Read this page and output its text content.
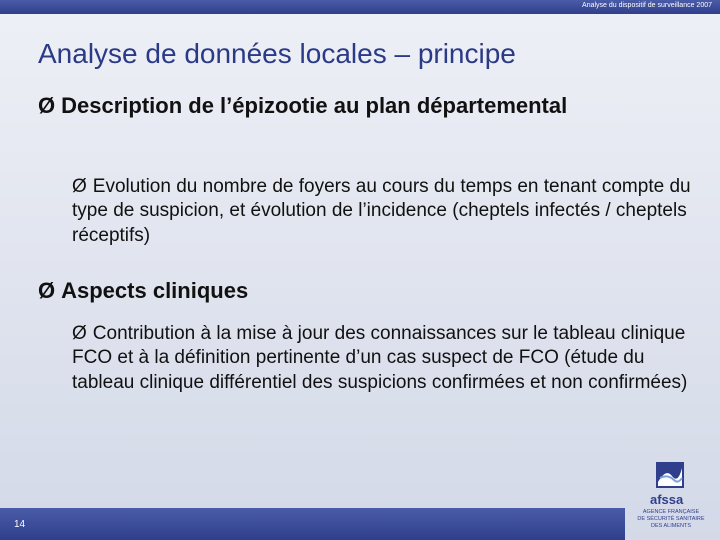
Analyse du dispositif de surveillance 2007
Analyse de données locales – principe
Ø Description de l’épizootie au plan départemental
Ø Evolution du nombre de foyers au cours du temps en tenant compte du type de suspicion, et évolution de l’incidence (cheptels infectés / cheptels réceptifs)
Ø Aspects cliniques
Ø Contribution à la mise à jour des connaissances sur le tableau clinique FCO et à la définition pertinente d’un cas suspect de FCO (étude du tableau clinique différentiel des suspicions confirmées et non confirmées)
14
afssa
AGENCE FRANÇAISE
DE SÉCURITÉ SANITAIRE
DES ALIMENTS
